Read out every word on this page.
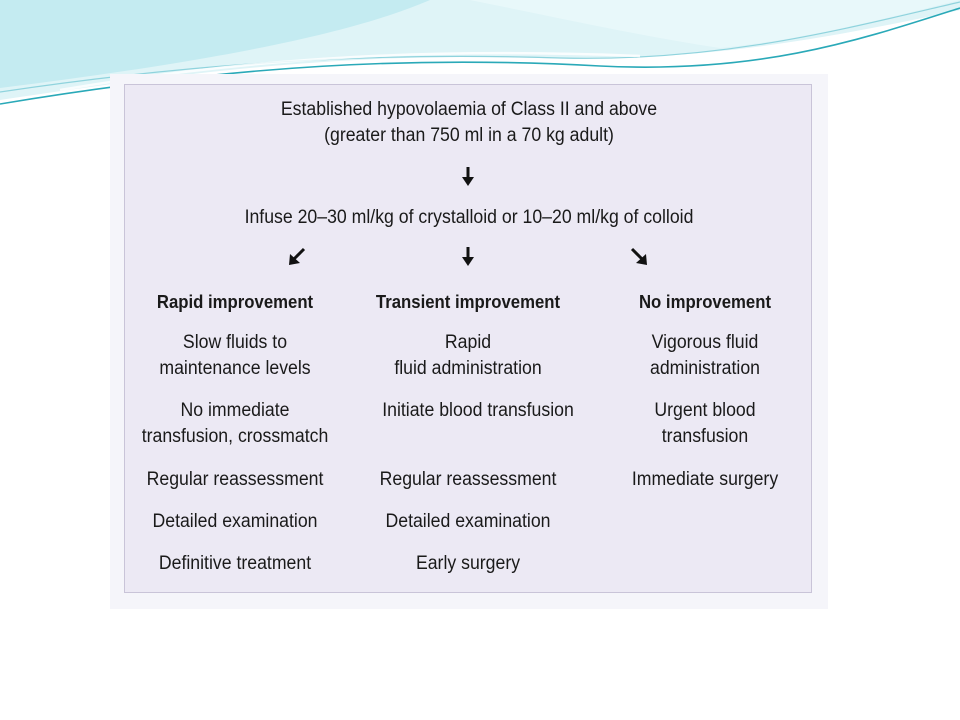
Established hypovolaemia of Class II and above
(greater than 750 ml in a 70 kg adult)
Infuse 20–30 ml/kg of crystalloid or 10–20 ml/kg of colloid
Rapid improvement
Slow fluids to
maintenance levels
No immediate
transfusion, crossmatch
Regular reassessment
Detailed examination
Definitive treatment
Transient improvement
Rapid
fluid administration
Initiate blood transfusion
Regular reassessment
Detailed examination
Early surgery
No improvement
Vigorous fluid
administration
Urgent blood
transfusion
Immediate surgery
